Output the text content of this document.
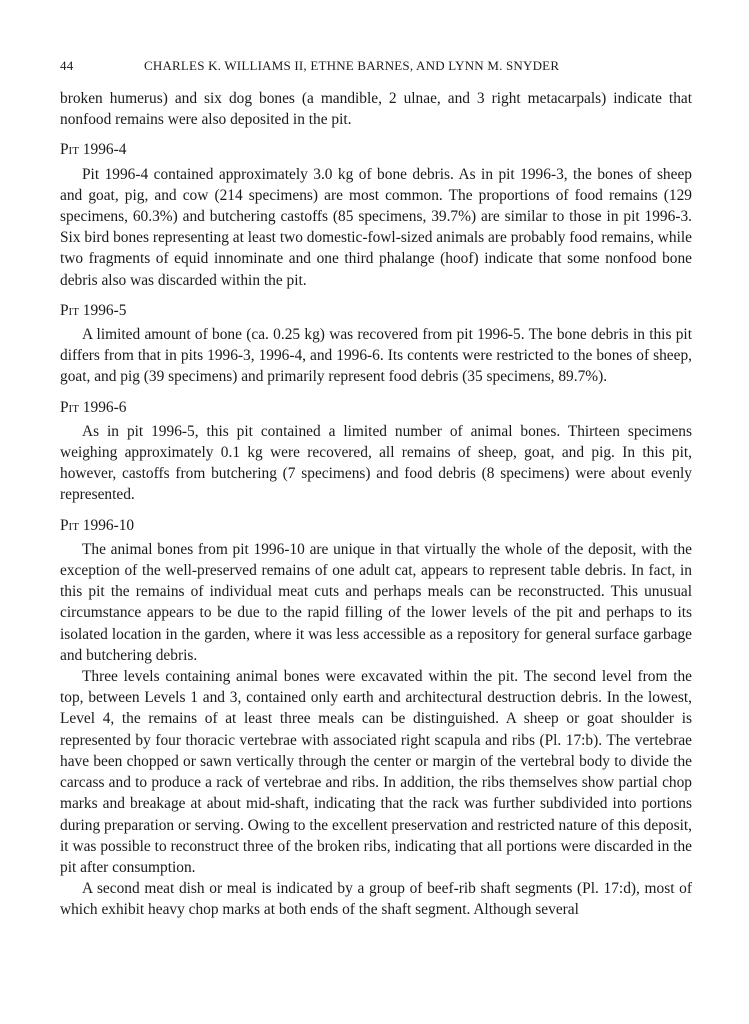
44	CHARLES K. WILLIAMS II, ETHNE BARNES, AND LYNN M. SNYDER

broken humerus) and six dog bones (a mandible, 2 ulnae, and 3 right metacarpals) indicate that nonfood remains were also deposited in the pit.

Pit 1996-4

Pit 1996-4 contained approximately 3.0 kg of bone debris. As in pit 1996-3, the bones of sheep and goat, pig, and cow (214 specimens) are most common. The proportions of food remains (129 specimens, 60.3%) and butchering castoffs (85 specimens, 39.7%) are similar to those in pit 1996-3. Six bird bones representing at least two domestic-fowl-sized animals are probably food remains, while two fragments of equid innominate and one third phalange (hoof) indicate that some nonfood bone debris also was discarded within the pit.

Pit 1996-5

A limited amount of bone (ca. 0.25 kg) was recovered from pit 1996-5. The bone debris in this pit differs from that in pits 1996-3, 1996-4, and 1996-6. Its contents were restricted to the bones of sheep, goat, and pig (39 specimens) and primarily represent food debris (35 specimens, 89.7%).

Pit 1996-6

As in pit 1996-5, this pit contained a limited number of animal bones. Thirteen specimens weighing approximately 0.1 kg were recovered, all remains of sheep, goat, and pig. In this pit, however, castoffs from butchering (7 specimens) and food debris (8 specimens) were about evenly represented.

Pit 1996-10

The animal bones from pit 1996-10 are unique in that virtually the whole of the deposit, with the exception of the well-preserved remains of one adult cat, appears to represent table debris. In fact, in this pit the remains of individual meat cuts and perhaps meals can be reconstructed. This unusual circumstance appears to be due to the rapid filling of the lower levels of the pit and perhaps to its isolated location in the garden, where it was less accessible as a repository for general surface garbage and butchering debris.

Three levels containing animal bones were excavated within the pit. The second level from the top, between Levels 1 and 3, contained only earth and architectural destruction debris. In the lowest, Level 4, the remains of at least three meals can be distinguished. A sheep or goat shoulder is represented by four thoracic vertebrae with associated right scapula and ribs (Pl. 17:b). The vertebrae have been chopped or sawn vertically through the center or margin of the vertebral body to divide the carcass and to produce a rack of vertebrae and ribs. In addition, the ribs themselves show partial chop marks and breakage at about mid-shaft, indicating that the rack was further subdivided into portions during preparation or serving. Owing to the excellent preservation and restricted nature of this deposit, it was possible to reconstruct three of the broken ribs, indicating that all portions were discarded in the pit after consumption.

A second meat dish or meal is indicated by a group of beef-rib shaft segments (Pl. 17:d), most of which exhibit heavy chop marks at both ends of the shaft segment. Although several
